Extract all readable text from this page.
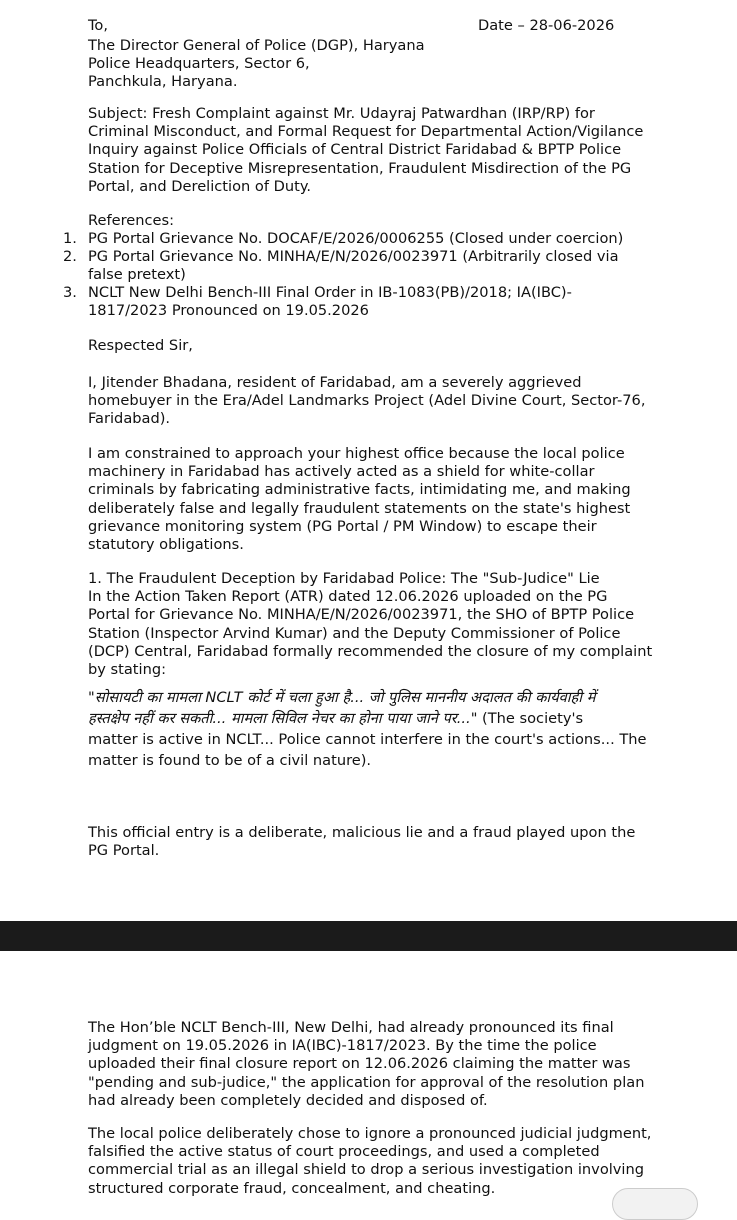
To,	Date – 28-06-2026
The Director General of Police (DGP), Haryana
Police Headquarters, Sector 6,
Panchkula, Haryana.
Subject: Fresh Complaint against Mr. Udayraj Patwardhan (IRP/RP) for
Criminal Misconduct, and Formal Request for Departmental Action/Vigilance
Inquiry against Police Officials of Central District Faridabad & BPTP Police
Station for Deceptive Misrepresentation, Fraudulent Misdirection of the PG
Portal, and Dereliction of Duty.
References:
1. PG Portal Grievance No. DOCAF/E/2026/0006255 (Closed under coercion)
2. PG Portal Grievance No. MINHA/E/N/2026/0023971 (Arbitrarily closed via
false pretext)
3. NCLT New Delhi Bench-III Final Order in IB-1083(PB)/2018; IA(IBC)-
1817/2023 Pronounced on 19.05.2026
Respected Sir,
I, Jitender Bhadana, resident of Faridabad, am a severely aggrieved
homebuyer in the Era/Adel Landmarks Project (Adel Divine Court, Sector-76,
Faridabad).
I am constrained to approach your highest office because the local police
machinery in Faridabad has actively acted as a shield for white-collar
criminals by fabricating administrative facts, intimidating me, and making
deliberately false and legally fraudulent statements on the state's highest
grievance monitoring system (PG Portal / PM Window) to escape their
statutory obligations.
1. The Fraudulent Deception by Faridabad Police: The "Sub-Judice" Lie
In the Action Taken Report (ATR) dated 12.06.2026 uploaded on the PG
Portal for Grievance No. MINHA/E/N/2026/0023971, the SHO of BPTP Police
Station (Inspector Arvind Kumar) and the Deputy Commissioner of Police
(DCP) Central, Faridabad formally recommended the closure of my complaint
by stating:
"सोसायटी का मामला NCLT कोर्ट में चला हुआ है... जो पुलिस माननीय अदालत की कार्यवाही में
हस्तक्षेप नहीं कर सकती... मामला सिविल नेचर का होना पाया जाने पर..." (The society's
matter is active in NCLT... Police cannot interfere in the court's actions... The
matter is found to be of a civil nature).
This official entry is a deliberate, malicious lie and a fraud played upon the
PG Portal.
The Hon’ble NCLT Bench-III, New Delhi, had already pronounced its final
judgment on 19.05.2026 in IA(IBC)-1817/2023. By the time the police
uploaded their final closure report on 12.06.2026 claiming the matter was
"pending and sub-judice," the application for approval of the resolution plan
had already been completely decided and disposed of.
The local police deliberately chose to ignore a pronounced judicial judgment,
falsified the active status of court proceedings, and used a completed
commercial trial as an illegal shield to drop a serious investigation involving
structured corporate fraud, concealment, and cheating.
